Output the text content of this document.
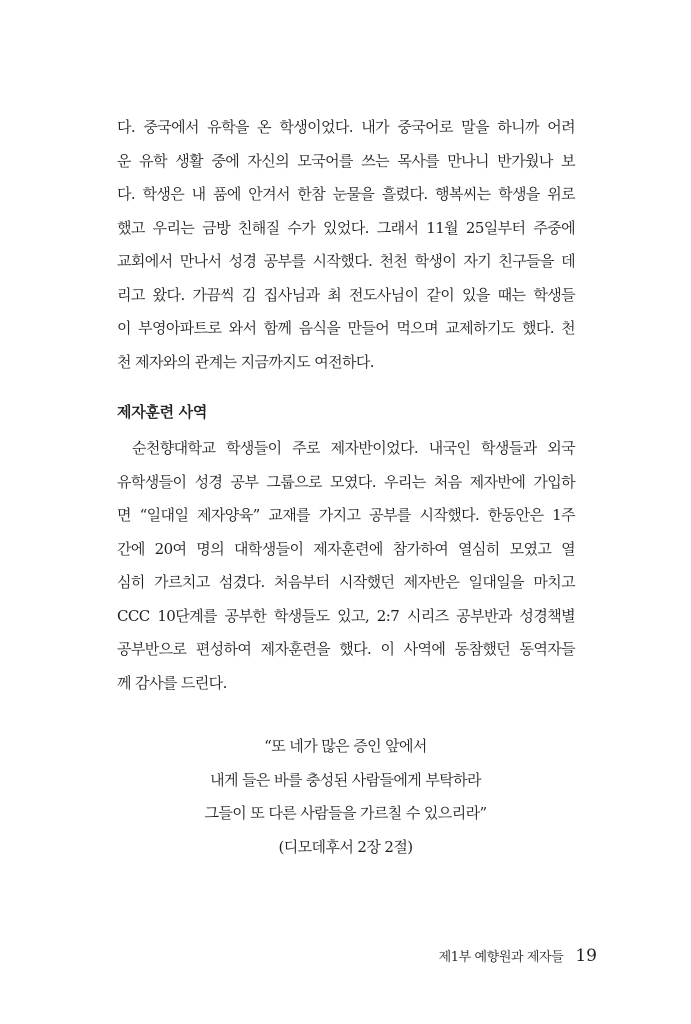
다. 중국에서 유학을 온 학생이었다. 내가 중국어로 말을 하니까 어려
운 유학 생활 중에 자신의 모국어를 쓰는 목사를 만나니 반가웠나 보
다. 학생은 내 품에 안겨서 한참 눈물을 흘렸다. 행복씨는 학생을 위로
했고 우리는 금방 친해질 수가 있었다. 그래서 11월 25일부터 주중에
교회에서 만나서 성경 공부를 시작했다. 천천 학생이 자기 친구들을 데
리고 왔다. 가끔씩 김 집사님과 최 전도사님이 같이 있을 때는 학생들
이 부영아파트로 와서 함께 음식을 만들어 먹으며 교제하기도 했다. 천
천 제자와의 관계는 지금까지도 여전하다.
제자훈련 사역
순천향대학교 학생들이 주로 제자반이었다. 내국인 학생들과 외국
유학생들이 성경 공부 그룹으로 모였다. 우리는 처음 제자반에 가입하
면 “일대일 제자양육” 교재를 가지고 공부를 시작했다. 한동안은 1주
간에 20여 명의 대학생들이 제자훈련에 참가하여 열심히 모였고 열
심히 가르치고 섬겼다. 처음부터 시작했던 제자반은 일대일을 마치고
CCC 10단계를 공부한 학생들도 있고, 2:7 시리즈 공부반과 성경책별
공부반으로 편성하여 제자훈련을 했다. 이 사역에 동참했던 동역자들
께 감사를 드린다.
“또 네가 많은 증인 앞에서
내게 들은 바를 충성된 사람들에게 부탁하라
그들이 또 다른 사람들을 가르칠 수 있으리라”
(디모데후서 2장 2절)
제1부 예향원과 제자들 19
